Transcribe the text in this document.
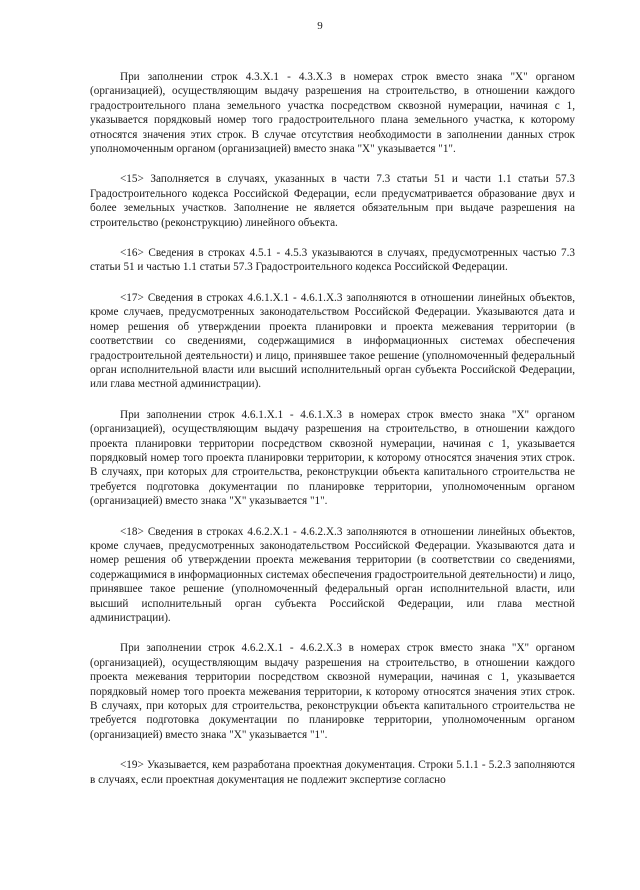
9

При заполнении строк 4.3.Х.1 - 4.3.Х.3 в номерах строк вместо знака "Х" органом (организацией), осуществляющим выдачу разрешения на строительство, в отношении каждого градостроительного плана земельного участка посредством сквозной нумерации, начиная с 1, указывается порядковый номер того градостроительного плана земельного участка, к которому относятся значения этих строк. В случае отсутствия необходимости в заполнении данных строк уполномоченным органом (организацией) вместо знака "Х" указывается "1".

<15> Заполняется в случаях, указанных в части 7.3 статьи 51 и части 1.1 статьи 57.3 Градостроительного кодекса Российской Федерации, если предусматривается образование двух и более земельных участков. Заполнение не является обязательным при выдаче разрешения на строительство (реконструкцию) линейного объекта.

<16> Сведения в строках 4.5.1 - 4.5.3 указываются в случаях, предусмотренных частью 7.3 статьи 51 и частью 1.1 статьи 57.3 Градостроительного кодекса Российской Федерации.

<17> Сведения в строках 4.6.1.Х.1 - 4.6.1.Х.3 заполняются в отношении линейных объектов, кроме случаев, предусмотренных законодательством Российской Федерации. Указываются дата и номер решения об утверждении проекта планировки и проекта межевания территории (в соответствии со сведениями, содержащимися в информационных системах обеспечения градостроительной деятельности) и лицо, принявшее такое решение (уполномоченный федеральный орган исполнительной власти или высший исполнительный орган субъекта Российской Федерации, или глава местной администрации).

При заполнении строк 4.6.1.Х.1 - 4.6.1.Х.3 в номерах строк вместо знака "Х" органом (организацией), осуществляющим выдачу разрешения на строительство, в отношении каждого проекта планировки территории посредством сквозной нумерации, начиная с 1, указывается порядковый номер того проекта планировки территории, к которому относятся значения этих строк. В случаях, при которых для строительства, реконструкции объекта капитального строительства не требуется подготовка документации по планировке территории, уполномоченным органом (организацией) вместо знака "Х" указывается "1".

<18> Сведения в строках 4.6.2.Х.1 - 4.6.2.Х.3 заполняются в отношении линейных объектов, кроме случаев, предусмотренных законодательством Российской Федерации. Указываются дата и номер решения об утверждении проекта межевания территории (в соответствии со сведениями, содержащимися в информационных системах обеспечения градостроительной деятельности) и лицо, принявшее такое решение (уполномоченный федеральный орган исполнительной власти, или высший исполнительный орган субъекта Российской Федерации, или глава местной администрации).

При заполнении строк 4.6.2.Х.1 - 4.6.2.Х.3 в номерах строк вместо знака "Х" органом (организацией), осуществляющим выдачу разрешения на строительство, в отношении каждого проекта межевания территории посредством сквозной нумерации, начиная с 1, указывается порядковый номер того проекта межевания территории, к которому относятся значения этих строк. В случаях, при которых для строительства, реконструкции объекта капитального строительства не требуется подготовка документации по планировке территории, уполномоченным органом (организацией) вместо знака "Х" указывается "1".

<19> Указывается, кем разработана проектная документация. Строки 5.1.1 - 5.2.3 заполняются в случаях, если проектная документация не подлежит экспертизе согласно
